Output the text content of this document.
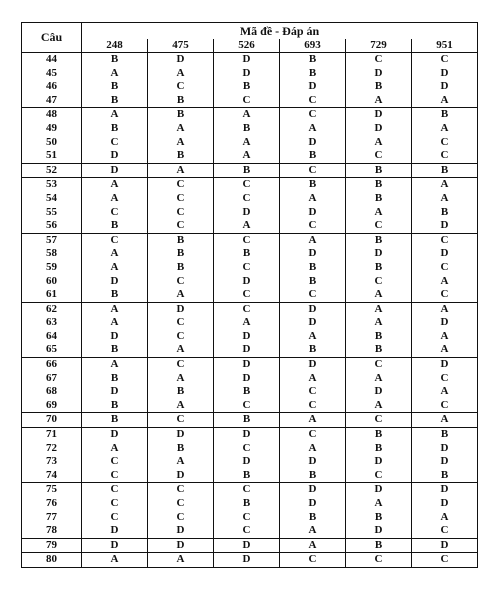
Câu	Mã đề - Đáp án					
	248	475	526	693	729	951
44	B	D	D	B	C	C
45	A	A	D	B	D	D
46	B	C	B	D	B	D
47	B	B	C	C	A	A
48	A	B	A	C	D	B
49	B	A	B	A	D	A
50	C	A	A	D	A	C
51	D	B	A	B	C	C
52	D	A	B	C	B	B
53	A	C	C	B	B	A
54	A	C	C	A	B	A
55	C	C	D	D	A	B
56	B	C	A	C	C	D
57	C	B	C	A	B	C
58	A	B	B	D	D	D
59	A	B	C	B	B	C
60	D	C	D	B	C	A
61	B	A	C	C	A	C
62	A	D	C	D	A	A
63	A	C	A	D	A	D
64	D	C	D	A	B	A
65	B	A	D	B	B	A
66	A	C	D	D	C	D
67	B	A	D	A	A	C
68	D	B	B	C	D	A
69	B	A	C	C	A	C
70	B	C	B	A	C	A
71	D	D	D	C	B	B
72	A	B	C	A	B	D
73	C	A	D	D	D	D
74	C	D	B	B	C	B
75	C	C	C	D	D	D
76	C	C	B	D	A	D
77	C	C	C	B	B	A
78	D	D	C	A	D	C
79	D	D	D	A	B	D
80	A	A	D	C	C	C
